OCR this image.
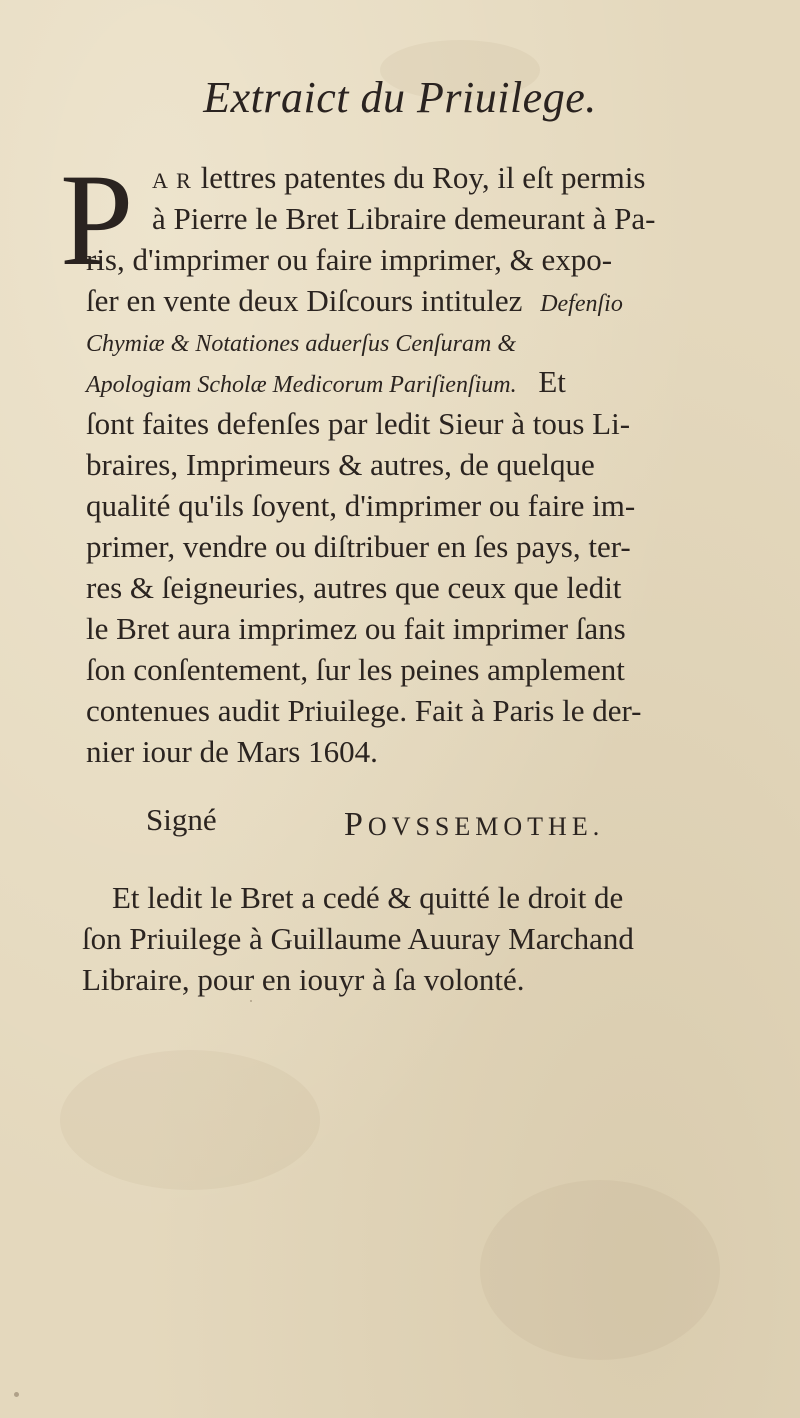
Extraict du Priuilege.
P A R lettres patentes du Roy, il eſt permis
à Pierre le Bret Libraire demeurant à Pa-
ris, d'imprimer ou faire imprimer, & expo-
ſer en vente deux Diſcours intitulez Defenſio
Chymiæ & Notationes aduerſus Cenſuram &
Apologiam Scholæ Medicorum Pariſienſium. Et
ſont faites defenſes par ledit Sieur à tous Li-
braires, Imprimeurs & autres, de quelque
qualité qu'ils ſoyent, d'imprimer ou faire im-
primer, vendre ou diſtribuer en ſes pays, ter-
res & ſeigneuries, autres que ceux que ledit
le Bret aura imprimez ou fait imprimer ſans
ſon conſentement, ſur les peines amplement
contenues audit Priuilege. Fait à Paris le der-
nier iour de Mars 1604.
Signé	POVSSEMOTHE.
Et ledit le Bret a cedé & quitté le droit de
ſon Priuilege à Guillaume Auuray Marchand
Libraire, pour en iouyr à ſa volonté.
